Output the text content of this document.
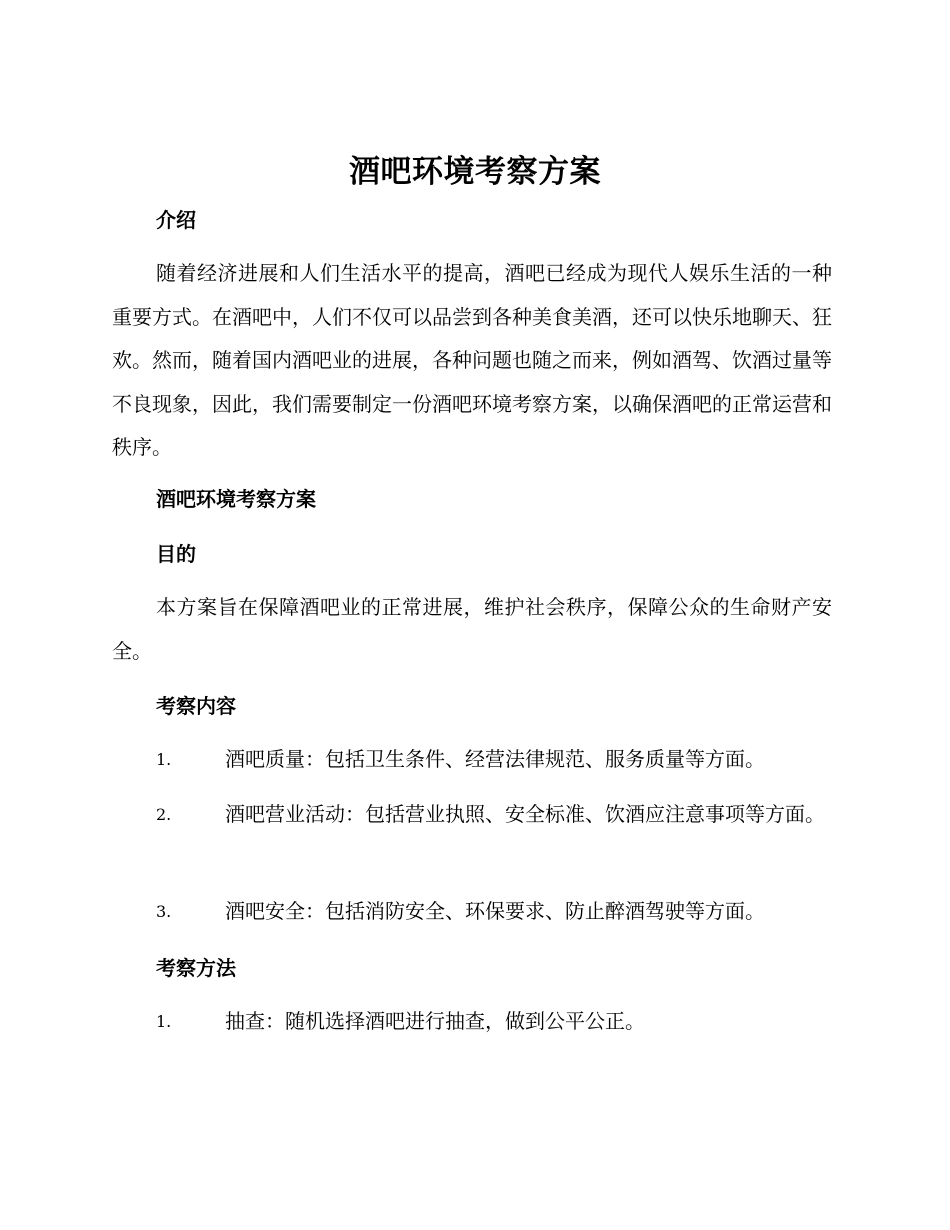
酒吧环境考察方案
介绍
随着经济进展和人们生活水平的提高，酒吧已经成为现代人娱乐生活的一种重要方式。在酒吧中，人们不仅可以品尝到各种美食美酒，还可以快乐地聊天、狂欢。然而，随着国内酒吧业的进展，各种问题也随之而来，例如酒驾、饮酒过量等不良现象，因此，我们需要制定一份酒吧环境考察方案，以确保酒吧的正常运营和秩序。
酒吧环境考察方案
目的
本方案旨在保障酒吧业的正常进展，维护社会秩序，保障公众的生命财产安全。
考察内容
1.	酒吧质量：包括卫生条件、经营法律规范、服务质量等方面。
2.	酒吧营业活动：包括营业执照、安全标准、饮酒应注意事项等方面。
3.	酒吧安全：包括消防安全、环保要求、防止醉酒驾驶等方面。
考察方法
1.	抽查：随机选择酒吧进行抽查，做到公平公正。
